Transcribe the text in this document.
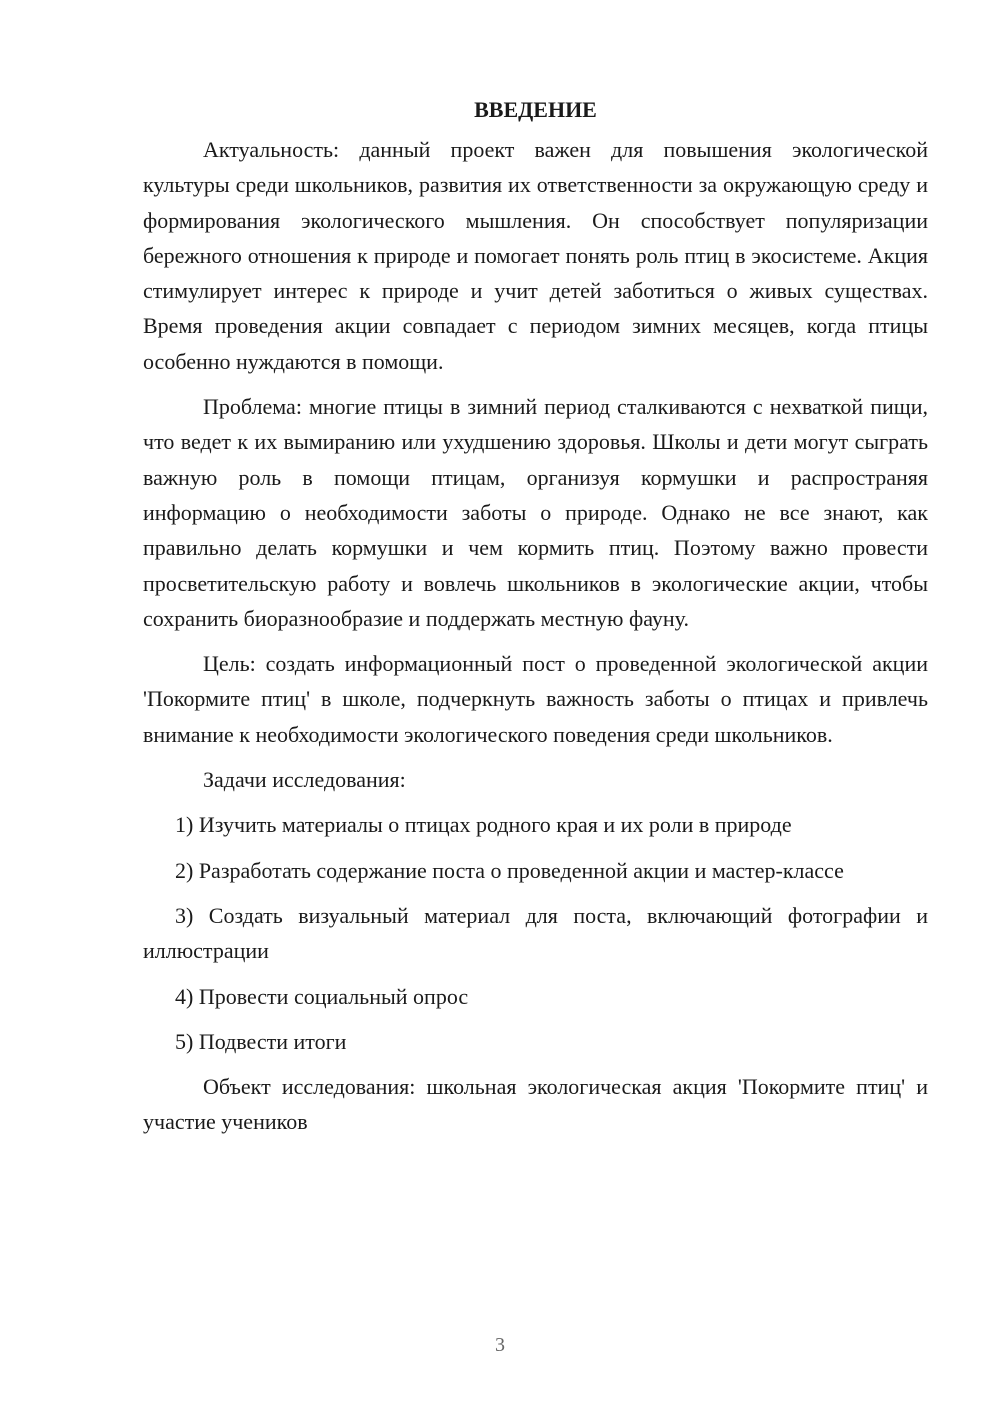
ВВЕДЕНИЕ

Актуальность: данный проект важен для повышения экологической культуры среди школьников, развития их ответственности за окружающую среду и формирования экологического мышления. Он способствует популяризации бережного отношения к природе и помогает понять роль птиц в экосистеме. Акция стимулирует интерес к природе и учит детей заботиться о живых существах. Время проведения акции совпадает с периодом зимних месяцев, когда птицы особенно нуждаются в помощи.

Проблема: многие птицы в зимний период сталкиваются с нехваткой пищи, что ведет к их вымиранию или ухудшению здоровья. Школы и дети могут сыграть важную роль в помощи птицам, организуя кормушки и распространяя информацию о необходимости заботы о природе. Однако не все знают, как правильно делать кормушки и чем кормить птиц. Поэтому важно провести просветительскую работу и вовлечь школьников в экологические акции, чтобы сохранить биоразнообразие и поддержать местную фауну.

Цель: создать информационный пост о проведенной экологической акции 'Покормите птиц' в школе, подчеркнуть важность заботы о птицах и привлечь внимание к необходимости экологического поведения среди школьников.

Задачи исследования:

1) Изучить материалы о птицах родного края и их роли в природе

2) Разработать содержание поста о проведенной акции и мастер-классе

3) Создать визуальный материал для поста, включающий фотографии и иллюстрации

4) Провести социальный опрос

5) Подвести итоги

Объект исследования: школьная экологическая акция 'Покормите птиц' и участие учеников

3
